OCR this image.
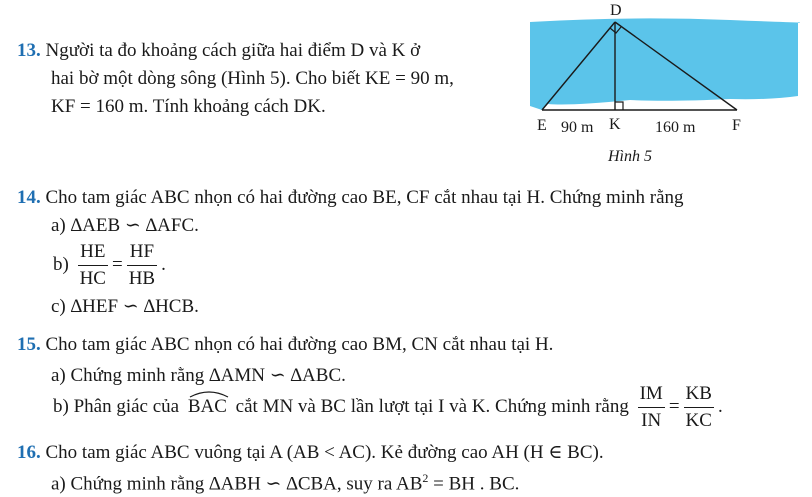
13. Người ta đo khoảng cách giữa hai điểm D và K ở
hai bờ một dòng sông (Hình 5). Cho biết KE = 90 m,
KF = 160 m. Tính khoảng cách DK.
D
E	K	F
90 m	160 m
Hình 5
14. Cho tam giác ABC nhọn có hai đường cao BE, CF cắt nhau tại H. Chứng minh rằng
a) ∆AEB ∽ ∆AFC.
$b) \frac{HE}{HC} = \frac{HF}{HB}$ .
c) ∆HEF ∽ ∆HCB.
15. Cho tam giác ABC nhọn có hai đường cao BM, CN cắt nhau tại H.
a) Chứng minh rằng ∆AMN ∽ ∆ABC.
b) Phân giác của BAC cắt MN và BC lần lượt tại I và K. Chứng minh rằng $\frac{IM}{IN} = \frac{KB}{KC}$ .
16. Cho tam giác ABC vuông tại A (AB < AC). Kẻ đường cao AH (H ∈ BC).
a) Chứng minh rằng ∆ABH ∽ ∆CBA, suy ra $AB^2$ = BH . BC.
